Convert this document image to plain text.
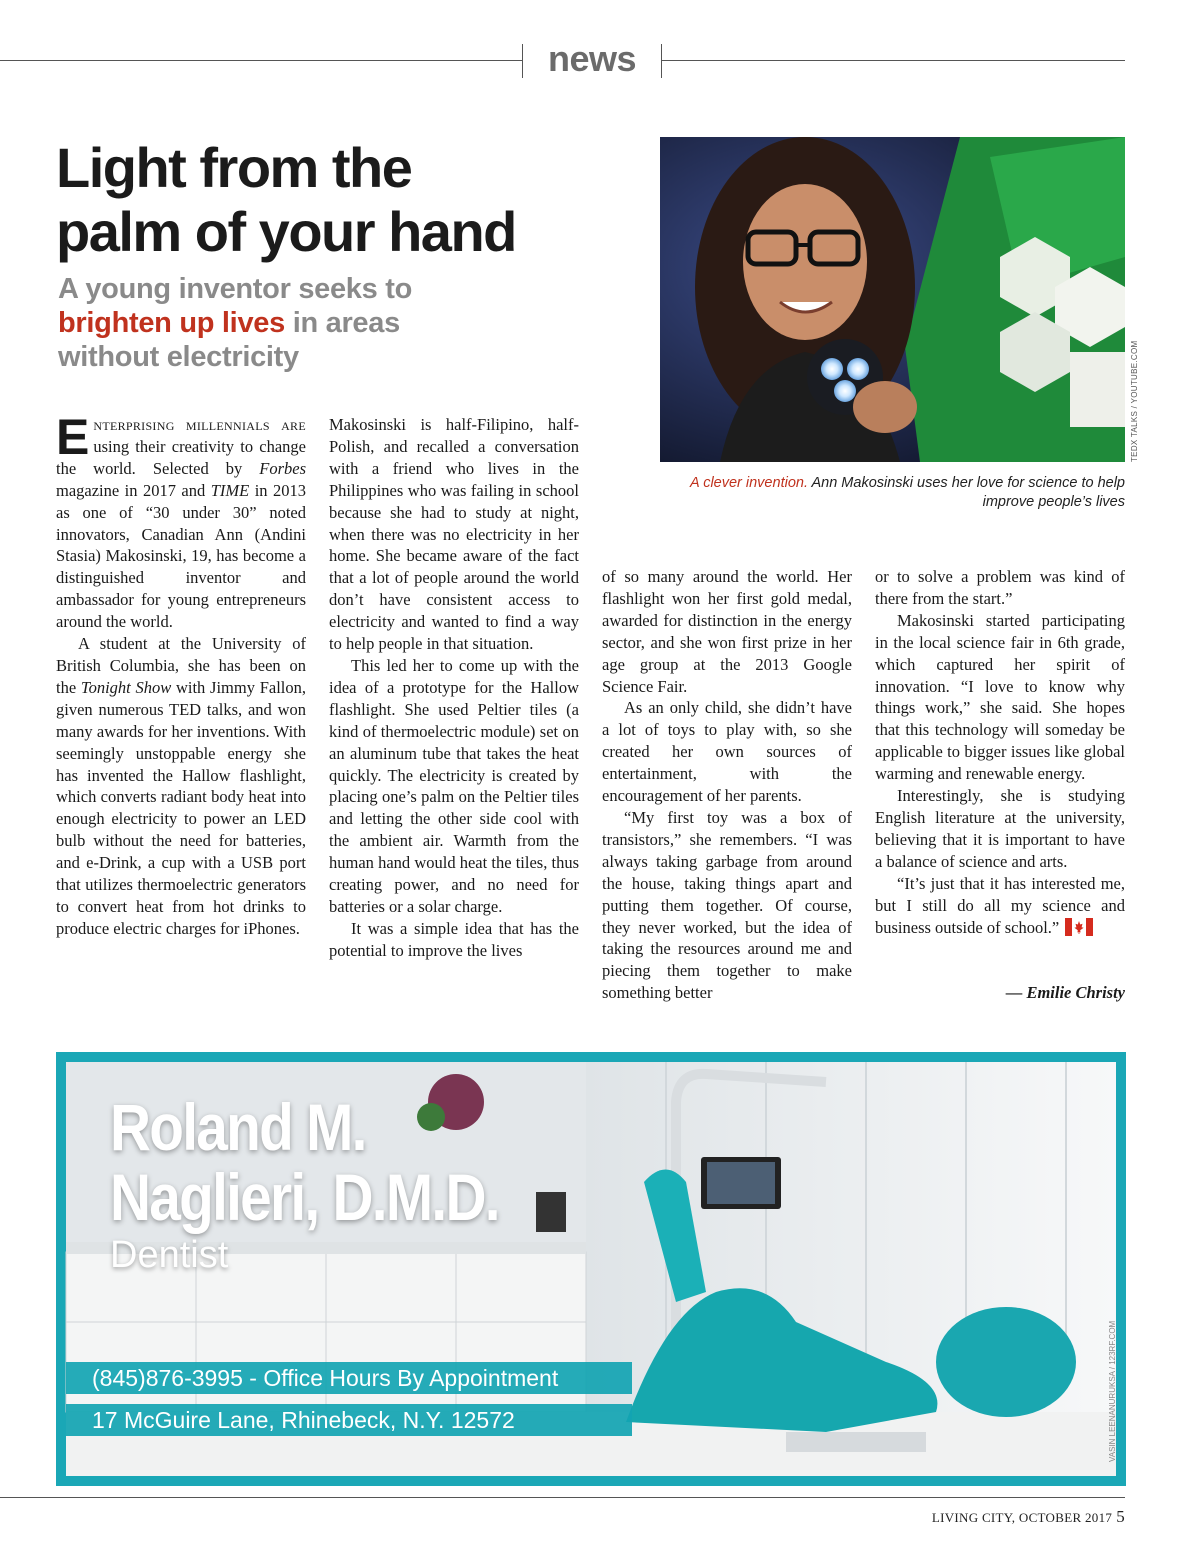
news
Light from the
palm of your hand
A young inventor seeks to
brighten up lives in areas
without electricity	TEDX TALKS / YOUTUBE.COM
A clever invention. Ann Makosinski uses her love for science to help improve people’s lives

Enterprising millennials are using their creativity to change the world. Selected by Forbes magazine in 2017 and TIME in 2013 as one of “30 under 30” noted innovators, Canadian Ann (Andini Stasia) Makosinski, 19, has become a distinguished inventor and ambassador for young entrepreneurs around the world.

A student at the University of British Columbia, she has been on the Tonight Show with Jimmy Fallon, given numerous TED talks, and won many awards for her inventions. With seemingly unstoppable energy she has invented the Hallow flashlight, which converts radiant body heat into enough electricity to power an LED bulb without the need for batteries, and e-Drink, a cup with a USB port that utilizes thermoelectric generators to convert heat from hot drinks to produce electric charges for iPhones.

Makosinski is half-Filipino, half-Polish, and recalled a conversation with a friend who lives in the Philippines who was failing in school because she had to study at night, when there was no electricity in her home. She became aware of the fact that a lot of people around the world don’t have consistent access to electricity and wanted to find a way to help people in that situation.

This led her to come up with the idea of a prototype for the Hallow flashlight. She used Peltier tiles (a kind of thermoelectric module) set on an aluminum tube that takes the heat quickly. The electricity is created by placing one’s palm on the Peltier tiles and letting the other side cool with the ambient air. Warmth from the human hand would heat the tiles, thus creating power, and no need for batteries or a solar charge.

It was a simple idea that has the potential to improve the lives

of so many around the world. Her flashlight won her first gold medal, awarded for distinction in the energy sector, and she won first prize in her age group at the 2013 Google Science Fair.

As an only child, she didn’t have a lot of toys to play with, so she created her own sources of entertainment, with the encouragement of her parents.

“My first toy was a box of transistors,” she remembers. “I was always taking garbage from around the house, taking things apart and putting them together. Of course, they never worked, but the idea of taking the resources around me and piecing them together to make something better

or to solve a problem was kind of there from the start.”

Makosinski started participating in the local science fair in 6th grade, which captured her spirit of innovation. “I love to know why things work,” she said. She hopes that this technology will someday be applicable to bigger issues like global warming and renewable energy.

Interestingly, she is studying English literature at the university, believing that it is important to have a balance of science and arts.

“It’s just that it has interested me, but I still do all my science and business outside of school.”

— Emilie Christy
Roland M.
Naglieri, D.M.D.
Dentist
(845)876-3995 - Office Hours By Appointment
17 McGuire Lane, Rhinebeck, N.Y. 12572	VASIN LEENANURUKSA / 123RF.COM
LIVING CITY, OCTOBER 2017 5
